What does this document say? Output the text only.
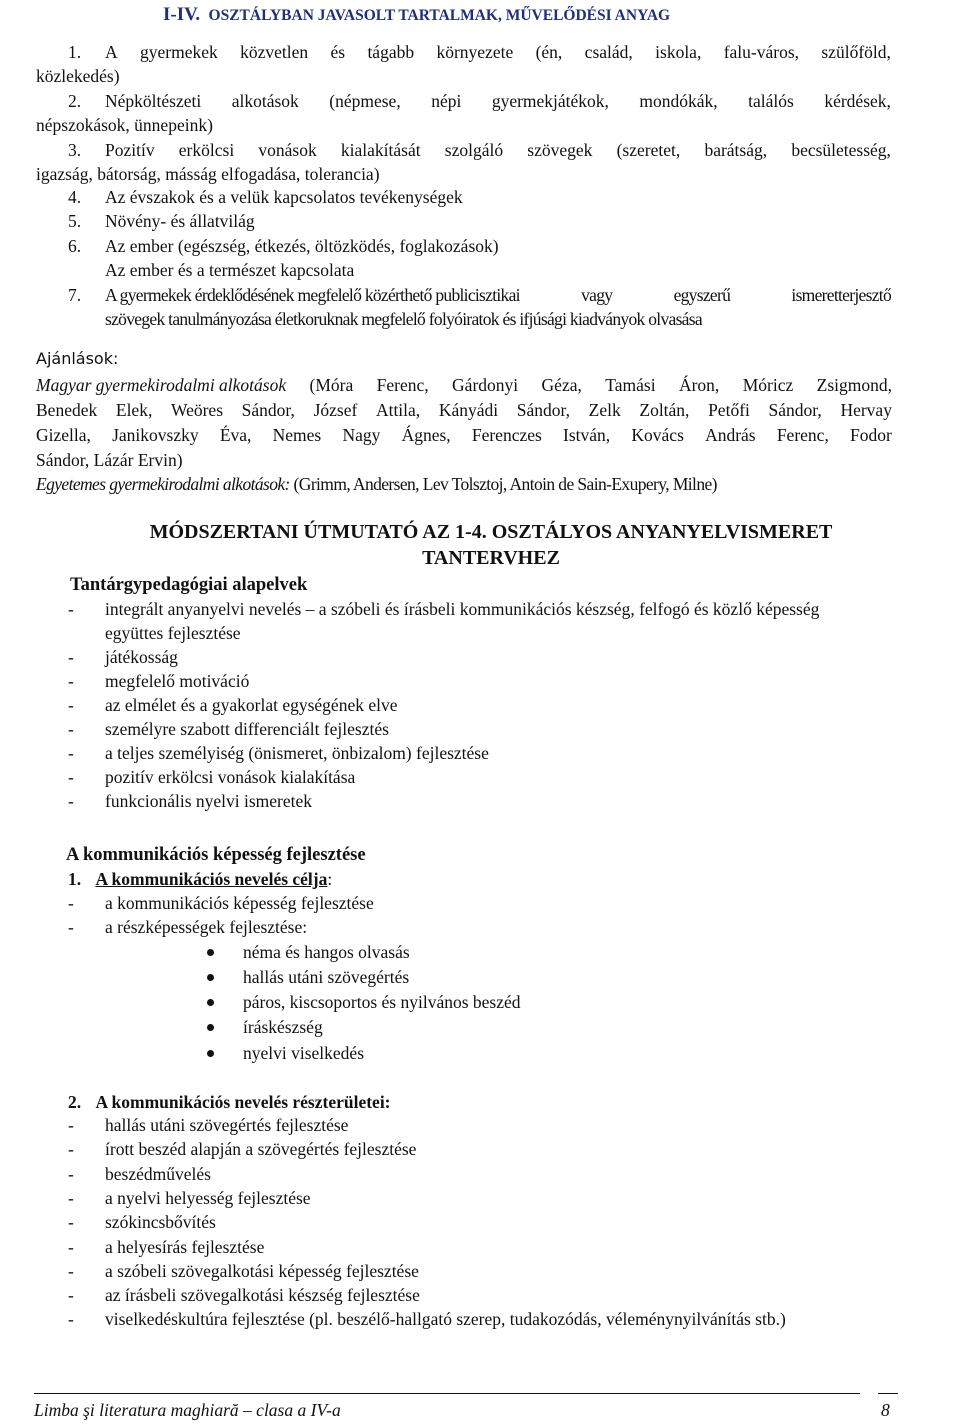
I-IV. OSZTÁLYBAN JAVASOLT TARTALMAK, MŰVELŐDÉSI ANYAG
1. A gyermekek közvetlen és tágabb környezete (én, család, iskola, falu-város, szülőföld,
közlekedés)
2. Népköltészeti alkotások (népmese, népi gyermekjátékok, mondókák, találós kérdések,
népszokások, ünnepeink)
3. Pozitív erkölcsi vonások kialakítását szolgáló szövegek (szeretet, barátság, becsületesség,
igazság, bátorság, másság elfogadása, tolerancia)
4. Az évszakok és a velük kapcsolatos tevékenységek
5. Növény- és állatvilág
6. Az ember (egészség, étkezés, öltözködés, foglakozások)
Az ember és a természet kapcsolata
7. A gyermekek érdeklődésének megfelelő közérthető publicisztikai	vagy	egyszerű	ismeretterjesztő
szövegek tanulmányozása életkoruknak megfelelő folyóiratok és ifjúsági kiadványok olvasása
Ajánlások:
Magyar gyermekirodalmi alkotások (Móra Ferenc, Gárdonyi Géza, Tamási Áron, Móricz Zsigmond,
Benedek Elek, Weöres Sándor, József Attila, Kányádi Sándor, Zelk Zoltán, Petőfi Sándor, Hervay
Gizella, Janikovszky Éva, Nemes Nagy Ágnes, Ferenczes István, Kovács András Ferenc, Fodor
Sándor, Lázár Ervin)
Egyetemes gyermekirodalmi alkotások: (Grimm, Andersen, Lev Tolsztoj, Antoin de Sain-Exupery, Milne)
MÓDSZERTANI ÚTMUTATÓ AZ 1-4. OSZTÁLYOS ANYANYELVISMERET
TANTERVHEZ
Tantárgypedagógiai alapelvek
- integrált anyanyelvi nevelés – a szóbeli és írásbeli kommunikációs készség, felfogó és közlő képesség
együttes fejlesztése
- játékosság
- megfelelő motiváció
- az elmélet és a gyakorlat egységének elve
- személyre szabott differenciált fejlesztés
- a teljes személyiség (önismeret, önbizalom) fejlesztése
- pozitív erkölcsi vonások kialakítása
- funkcionális nyelvi ismeretek
A kommunikációs képesség fejlesztése
1. A kommunikációs nevelés célja:
- a kommunikációs képesség fejlesztése
- a részképességek fejlesztése:
néma és hangos olvasás
hallás utáni szövegértés
páros, kiscsoportos és nyilvános beszéd
íráskészség
nyelvi viselkedés
2. A kommunikációs nevelés részterületei:
- hallás utáni szövegértés fejlesztése
- írott beszéd alapján a szövegértés fejlesztése
- beszédművelés
- a nyelvi helyesség fejlesztése
- szókincsbővítés
- a helyesírás fejlesztése
- a szóbeli szövegalkotási képesség fejlesztése
- az írásbeli szövegalkotási készség fejlesztése
- viselkedéskultúra fejlesztése (pl. beszélő-hallgató szerep, tudakozódás, véleménynyilvánítás stb.)
Limba şi literatura maghiară – clasa a IV-a	8
